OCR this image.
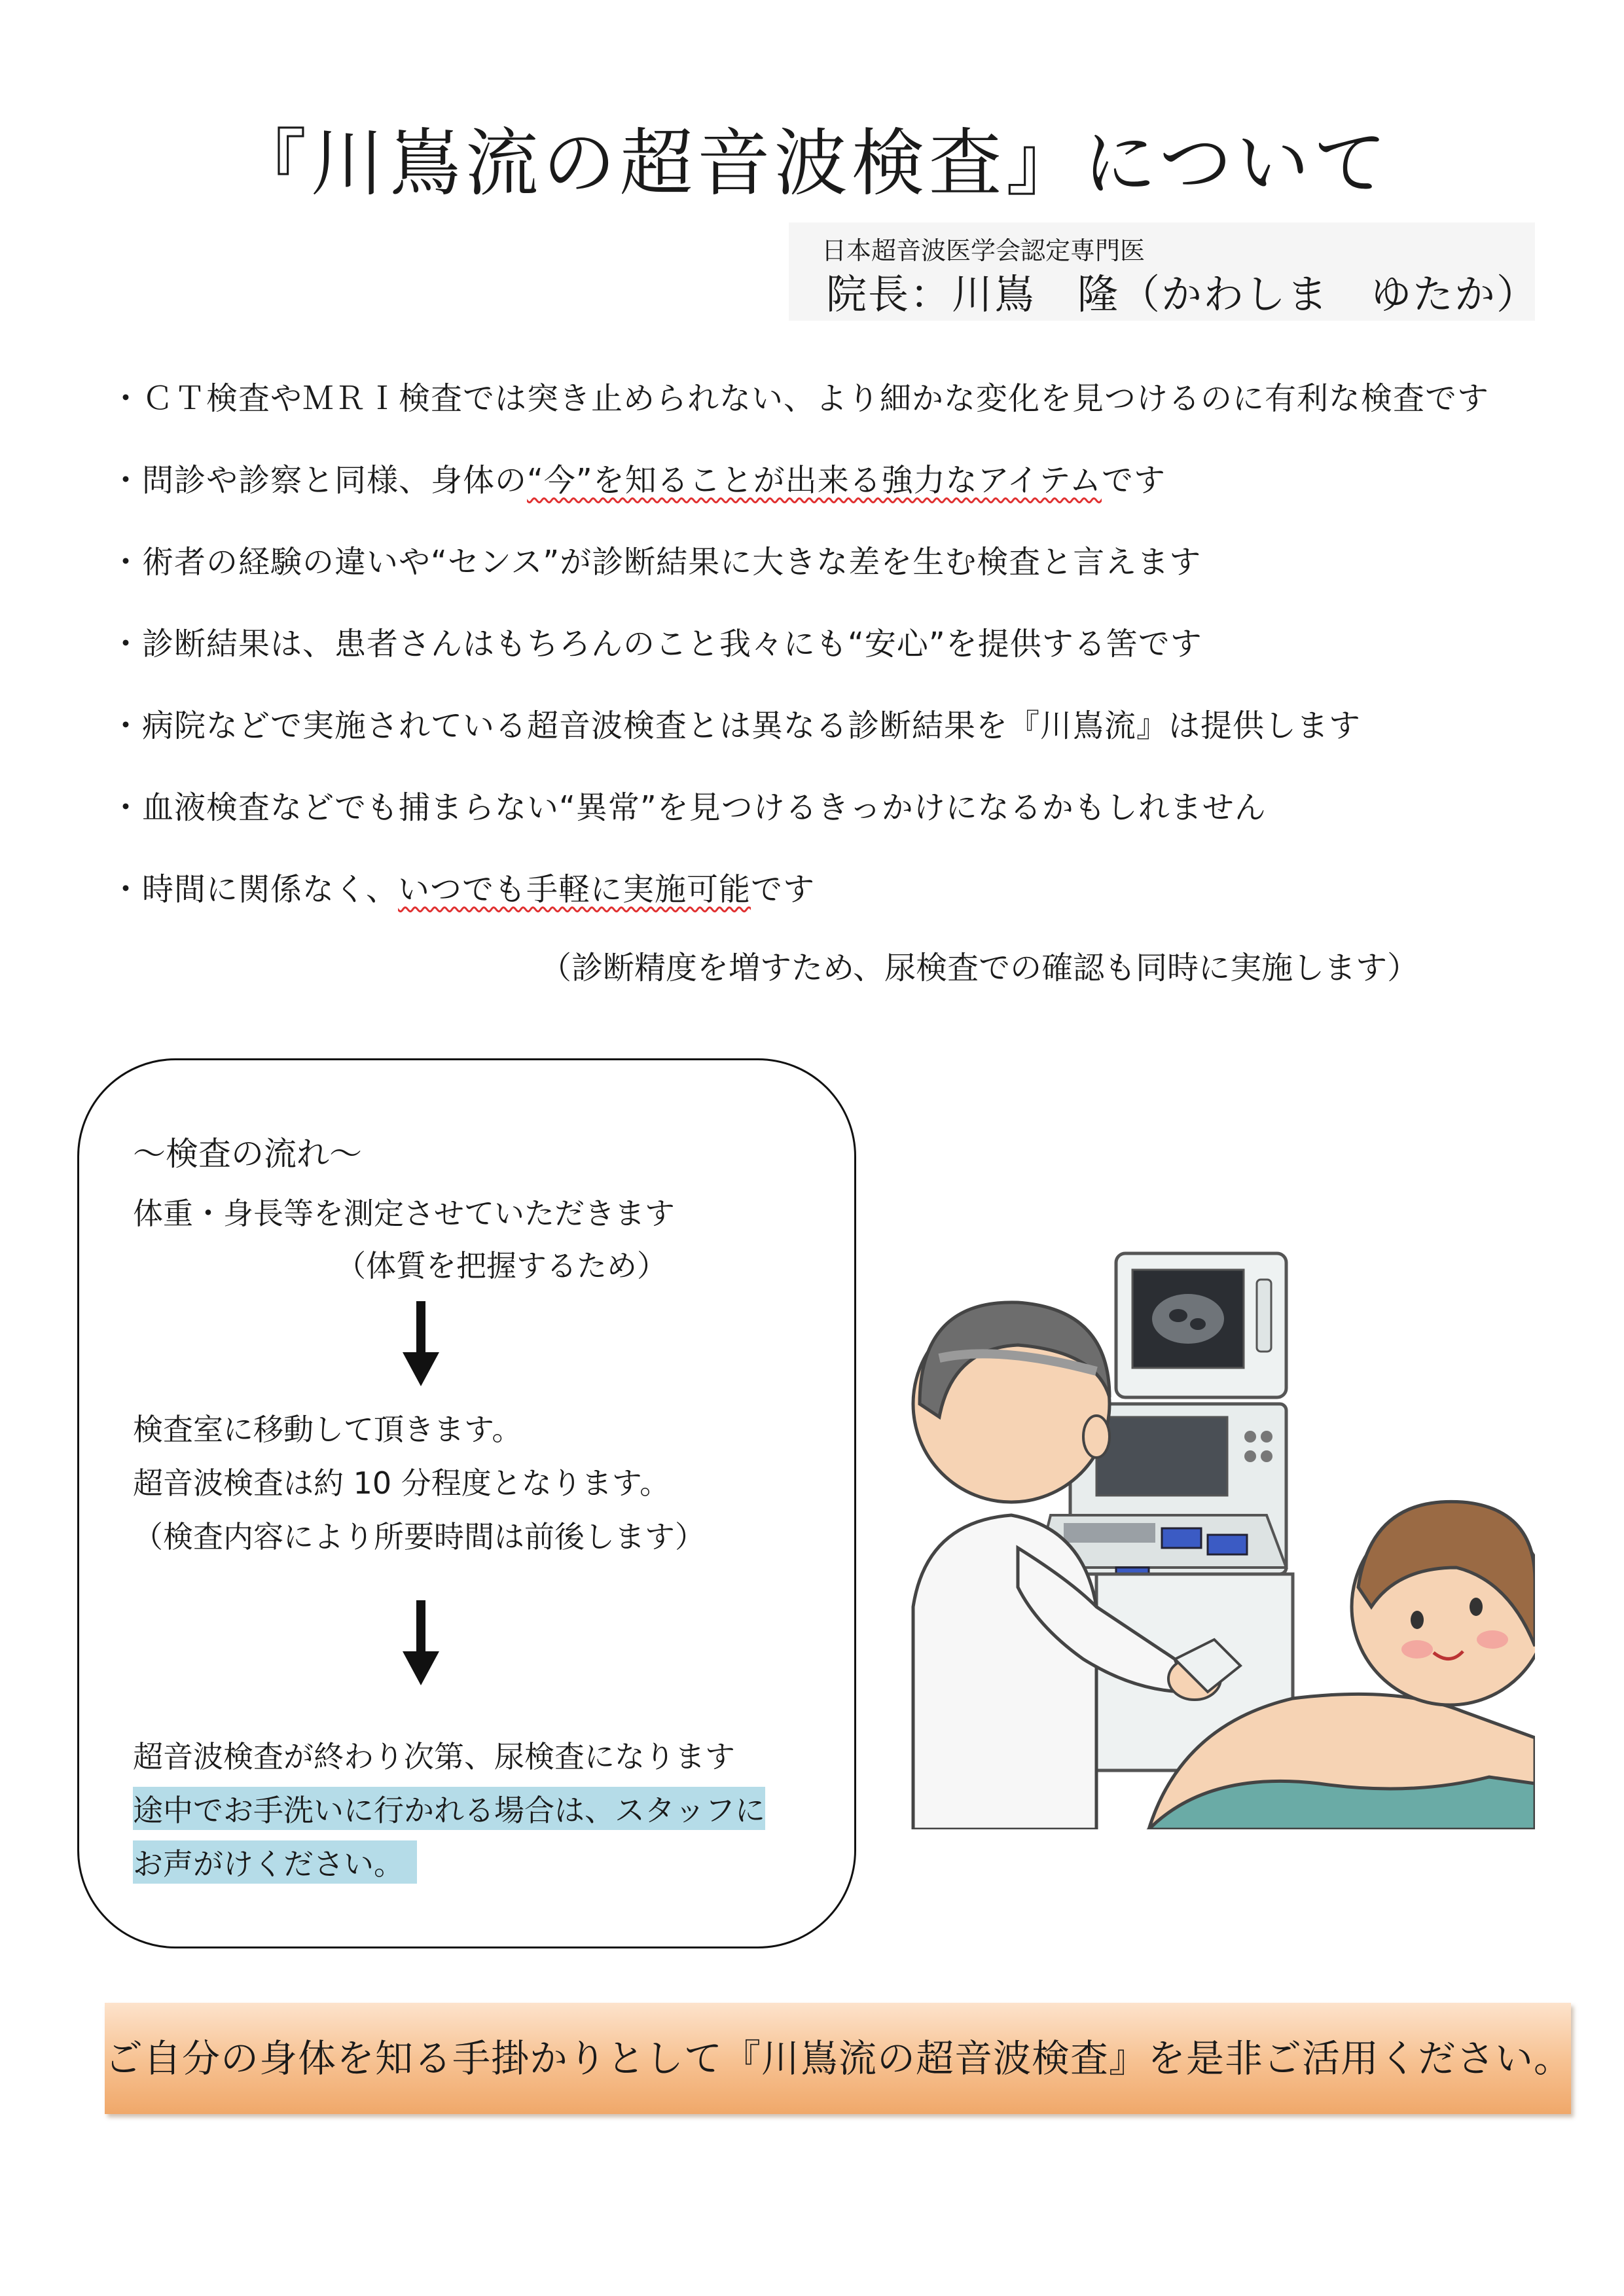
『川嶌流の超音波検査』について
日本超音波医学会認定専門医
院長：川嶌　隆（かわしま　ゆたか）
・ＣＴ検査やＭＲＩ検査では突き止められない、より細かな変化を見つけるのに有利な検査です
・問診や診察と同様、身体の“今”を知ることが出来る強力なアイテムです
・術者の経験の違いや“センス”が診断結果に大きな差を生む検査と言えます
・診断結果は、患者さんはもちろんのこと我々にも“安心”を提供する筈です
・病院などで実施されている超音波検査とは異なる診断結果を『川嶌流』は提供します
・血液検査などでも捕まらない“異常”を見つけるきっかけになるかもしれません
・時間に関係なく、いつでも手軽に実施可能です
（診断精度を増すため、尿検査での確認も同時に実施します）
～検査の流れ～
体重・身長等を測定させていただきます
（体質を把握するため）
検査室に移動して頂きます。
超音波検査は約 10 分程度となります。
（検査内容により所要時間は前後します）
超音波検査が終わり次第、尿検査になります
途中でお手洗いに行かれる場合は、スタッフに
お声がけください。
ご自分の身体を知る手掛かりとして『川嶌流の超音波検査』を是非ご活用ください。
